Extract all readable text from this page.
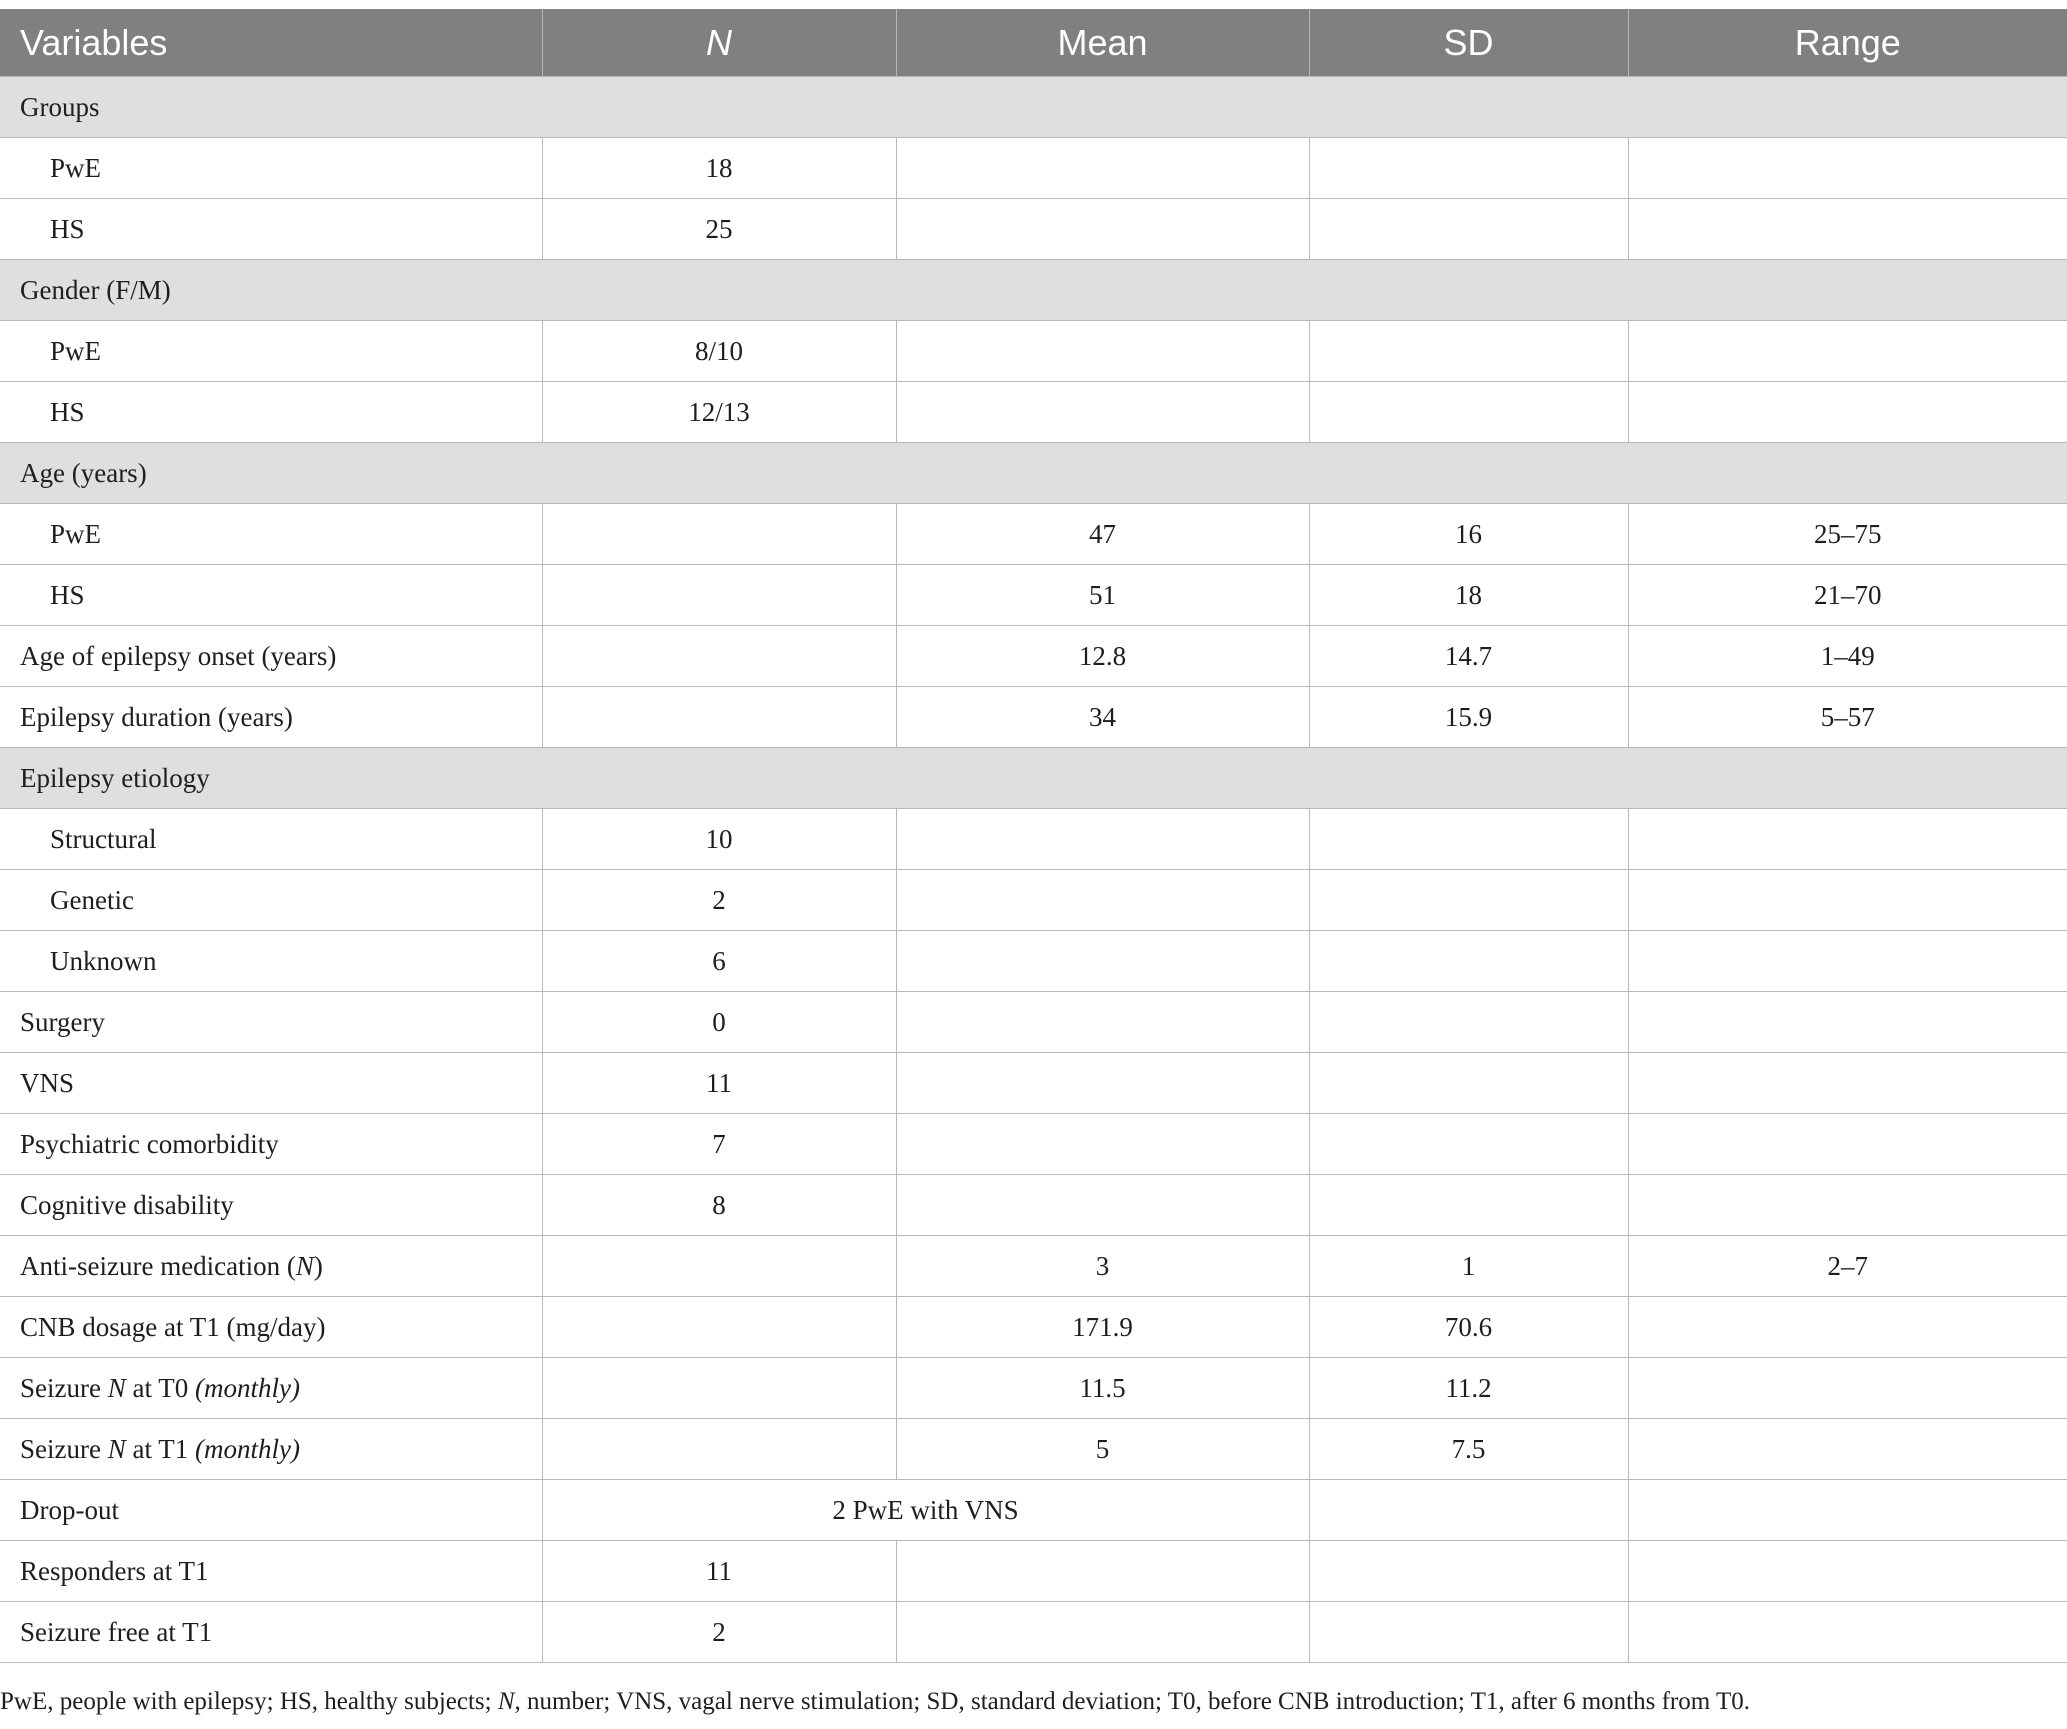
Variables	N	Mean	SD	Range
Groups				
PwE	18			
HS	25			
Gender (F/M)				
PwE	8/10			
HS	12/13			
Age (years)				
PwE		47	16	25–75
HS		51	18	21–70
Age of epilepsy onset (years)		12.8	14.7	1–49
Epilepsy duration (years)		34	15.9	5–57
Epilepsy etiology				
Structural	10			
Genetic	2			
Unknown	6			
Surgery	0			
VNS	11			
Psychiatric comorbidity	7			
Cognitive disability	8			
Anti-seizure medication (N)		3	1	2–7
CNB dosage at T1 (mg/day)		171.9	70.6	
Seizure N at T0 (monthly)		11.5	11.2	
Seizure N at T1 (monthly)		5	7.5	
Drop-out	2 PwE with VNS			
Responders at T1	11			
Seizure free at T1	2			
PwE, people with epilepsy; HS, healthy subjects; N, number; VNS, vagal nerve stimulation; SD, standard deviation; T0, before CNB introduction; T1, after 6 months from T0.
